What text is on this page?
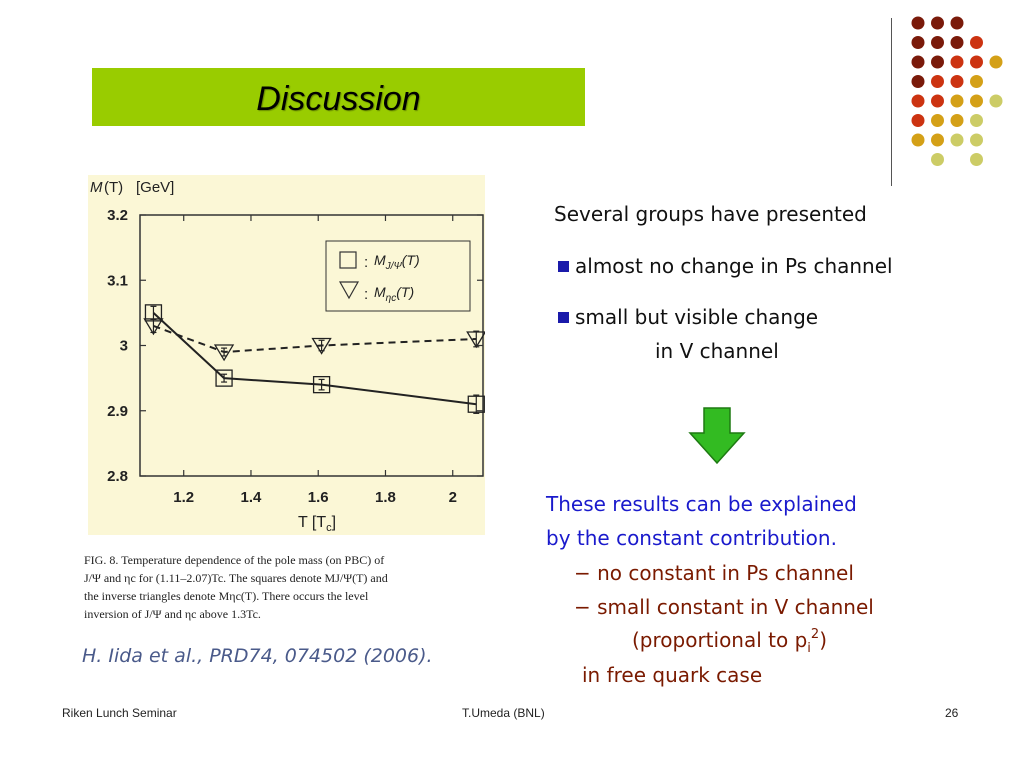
Discussion
M (T) [GeV]
1.2	1.4	1.6	1.8	2
3.2
3.1
3
2.9
2.8
: $M_{J/\Psi}(T)$
: $M_{\eta c}(T)$
T $[T_c]$
FIG. 8. Temperature dependence of the pole mass (on PBC) of
J/Ψ and ηc for (1.11–2.07)Tc. The squares denote MJ/Ψ(T) and
the inverse triangles denote Mηc(T). There occurs the level
inversion of J/Ψ and ηc above 1.3Tc.
H. Iida et al., PRD74, 074502 (2006).
Several groups have presented
almost no change in Ps channel
small but visible change
in V channel
These results can be explained
by the constant contribution.
− no constant in Ps channel
− small constant in V channel
(proportional to $p_i^2$)
in free quark case
Riken Lunch Seminar	T.Umeda (BNL)	26
